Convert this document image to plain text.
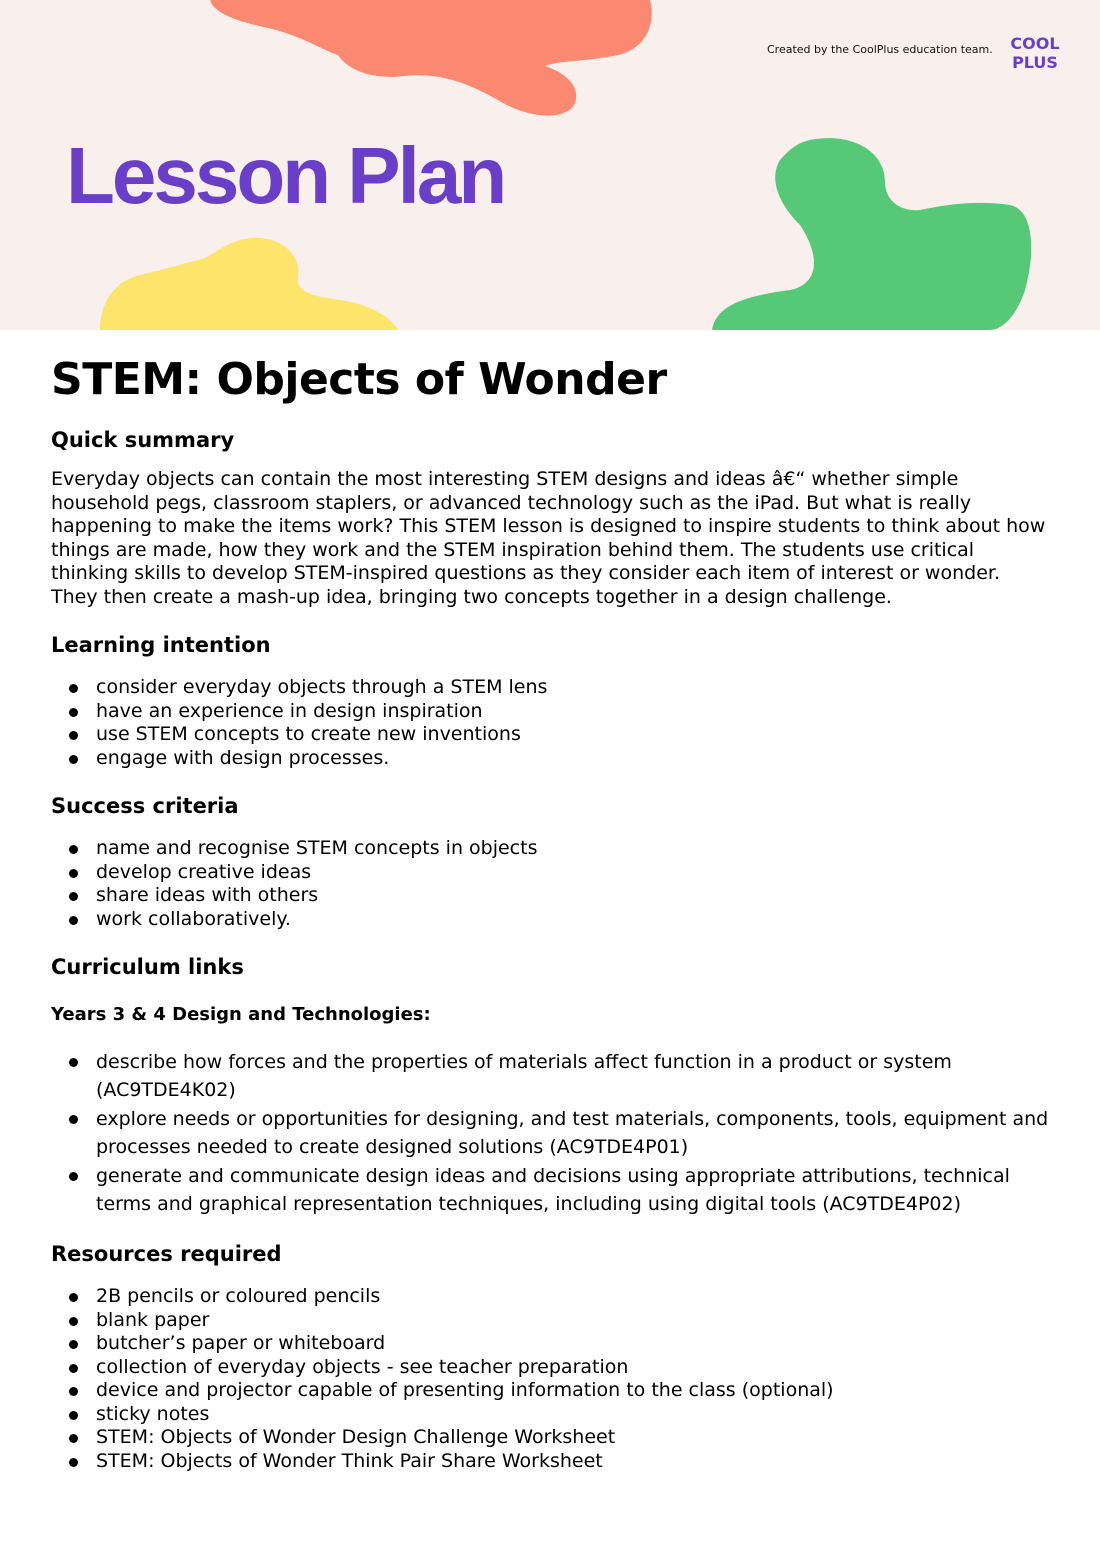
Created by the CoolPlus education team. COOL
PLUS
Lesson Plan
STEM: Objects of Wonder
Quick summary

Everyday objects can contain the most interesting STEM designs and ideas â€“ whether simple household pegs, classroom staplers, or advanced technology such as the iPad. But what is really happening to make the items work? This STEM lesson is designed to inspire students to think about how things are made, how they work and the STEM inspiration behind them. The students use critical thinking skills to develop STEM-inspired questions as they consider each item of interest or wonder. They then create a mash-up idea, bringing two concepts together in a design challenge.

Learning intention
consider everyday objects through a STEM lens
have an experience in design inspiration
use STEM concepts to create new inventions
engage with design processes.
Success criteria
name and recognise STEM concepts in objects
develop creative ideas
share ideas with others
work collaboratively.
Curriculum links
Years 3 & 4 Design and Technologies:
describe how forces and the properties of materials affect function in a product or system (AC9TDE4K02)
explore needs or opportunities for designing, and test materials, components, tools, equipment and processes needed to create designed solutions (AC9TDE4P01)
generate and communicate design ideas and decisions using appropriate attributions, technical terms and graphical representation techniques, including using digital tools (AC9TDE4P02)
Resources required
2B pencils or coloured pencils
blank paper
butcher’s paper or whiteboard
collection of everyday objects - see teacher preparation
device and projector capable of presenting information to the class (optional)
sticky notes
STEM: Objects of Wonder Design Challenge Worksheet
STEM: Objects of Wonder Think Pair Share Worksheet
